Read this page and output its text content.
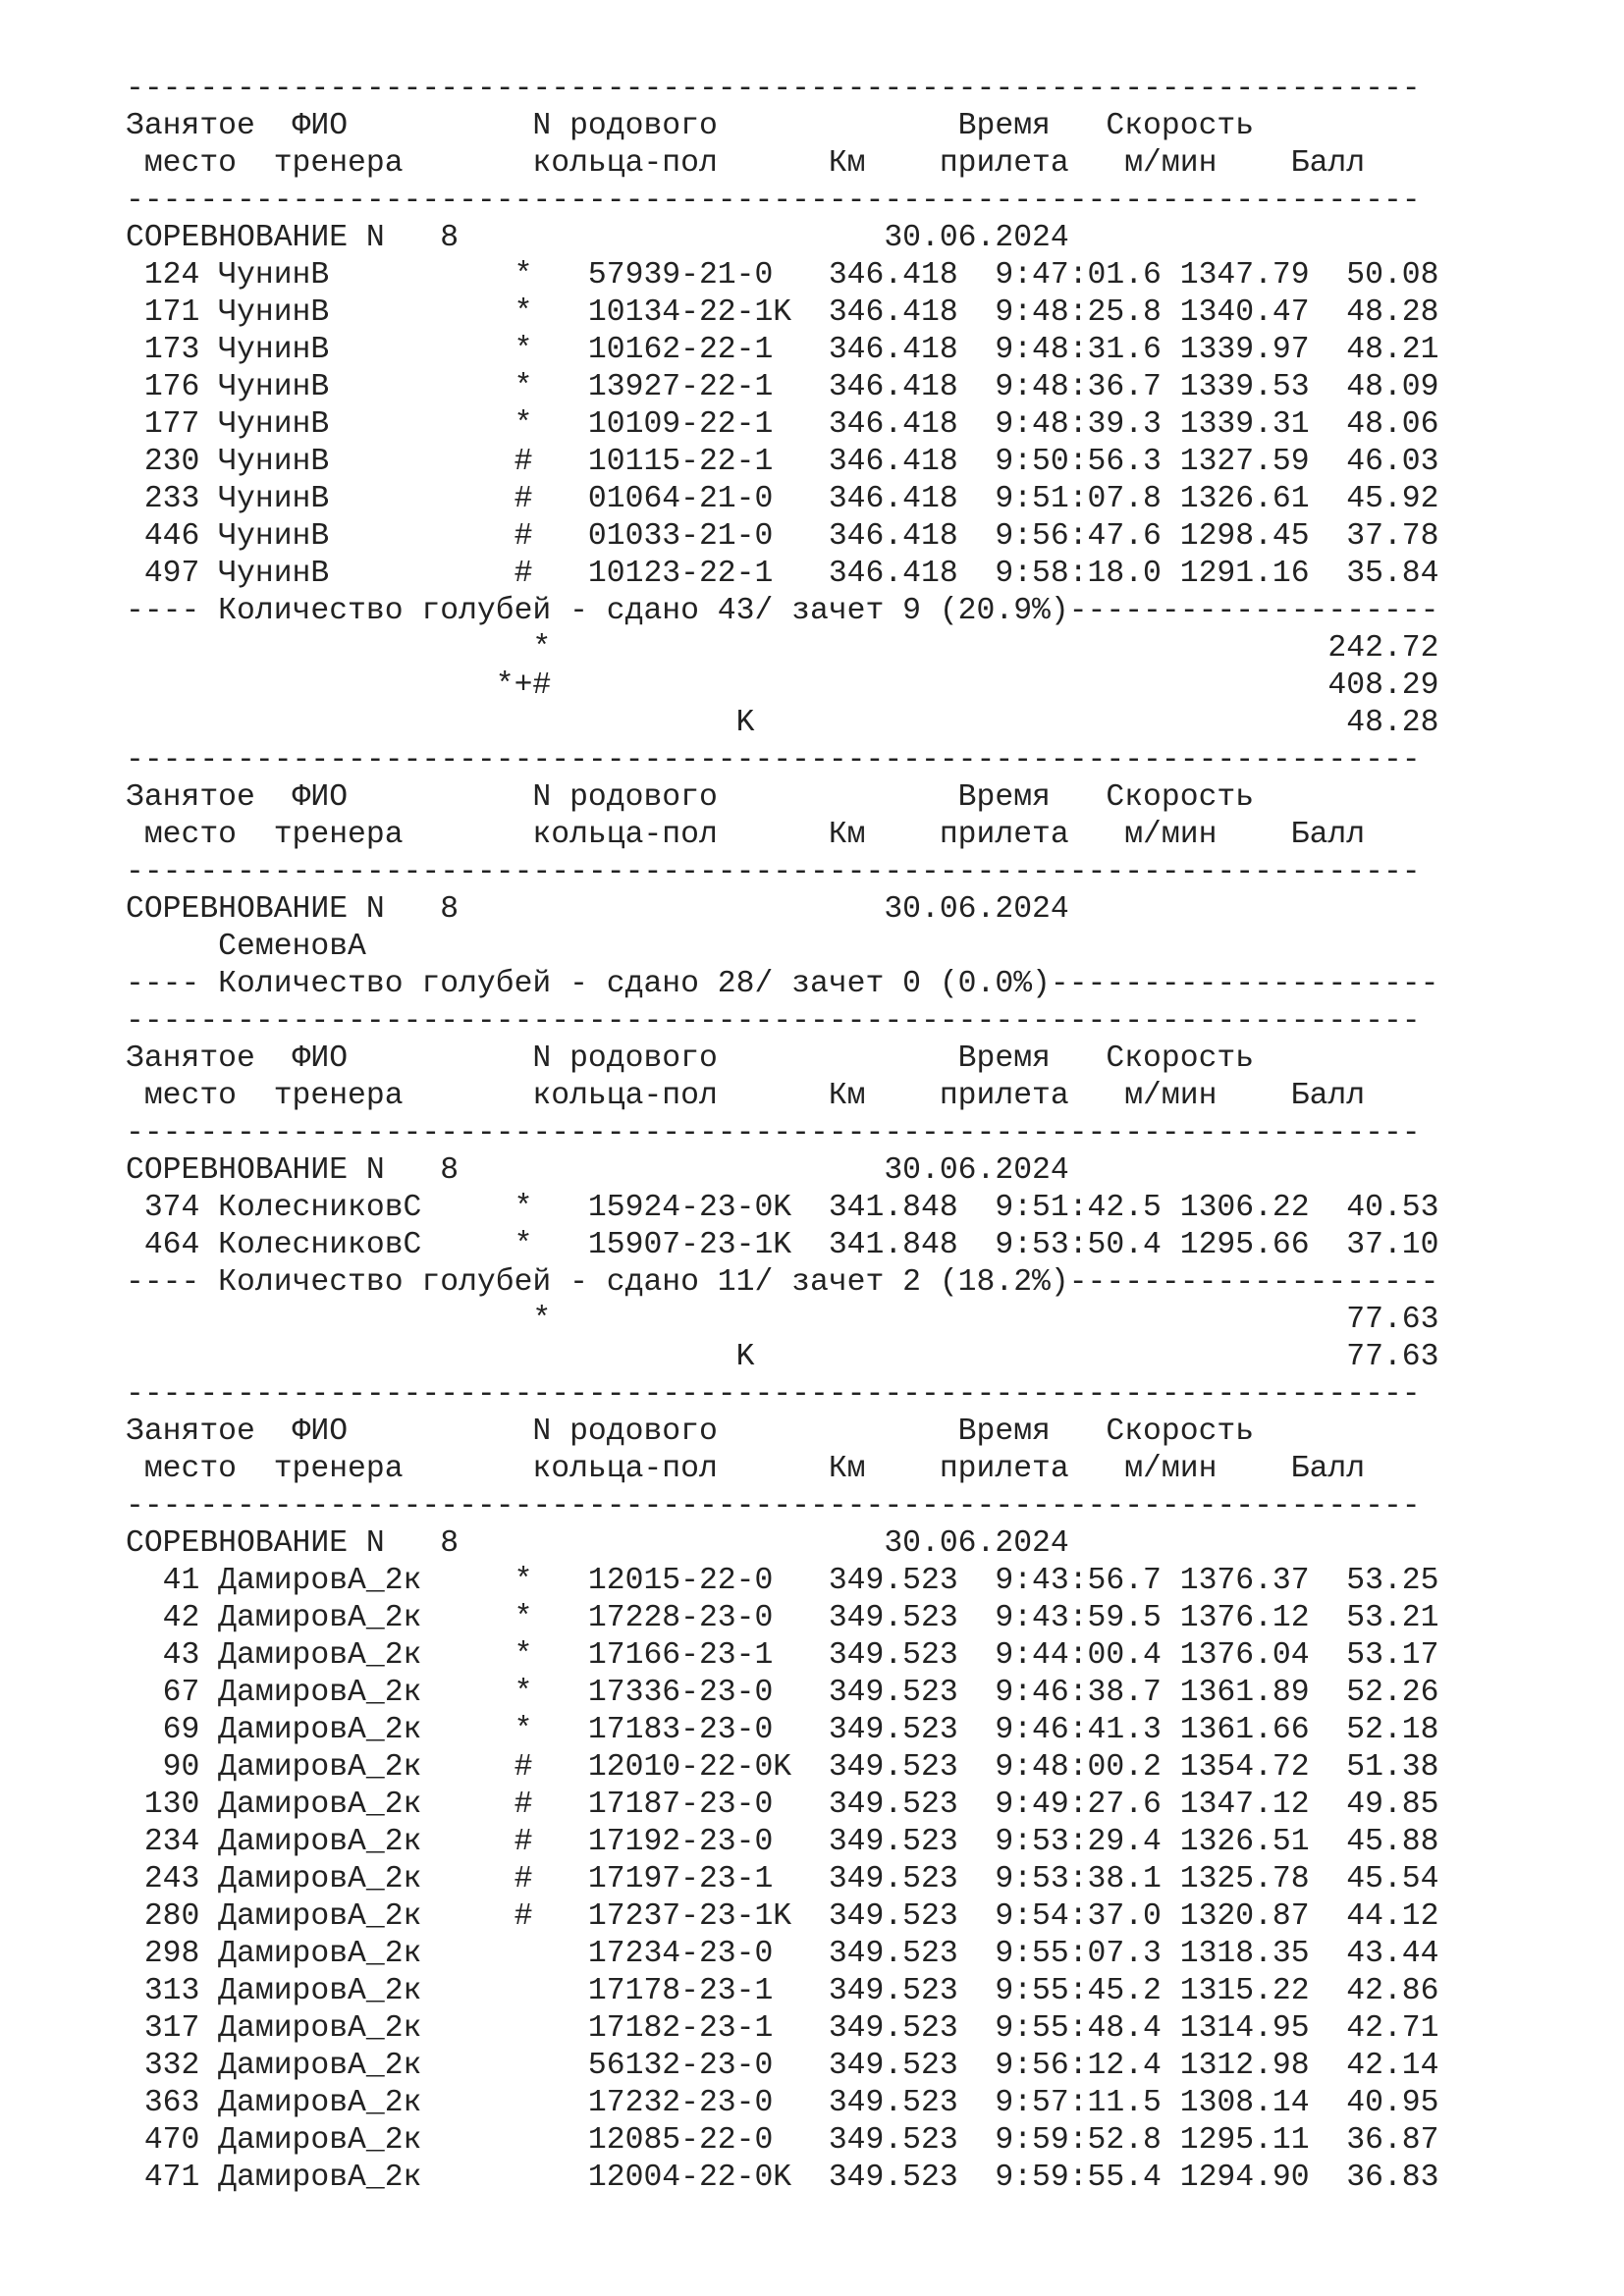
----------------------------------------------------------------------
Занятое  ФИО          N родового             Время   Скорость
место  тренера       кольца-пол      Км    прилета   м/мин    Балл
----------------------------------------------------------------------
СОРЕВНОВАНИЕ N   8                       30.06.2024
124 ЧунинВ          *   57939-21-0   346.418  9:47:01.6 1347.79  50.08
171 ЧунинВ          *   10134-22-1K  346.418  9:48:25.8 1340.47  48.28
173 ЧунинВ          *   10162-22-1   346.418  9:48:31.6 1339.97  48.21
176 ЧунинВ          *   13927-22-1   346.418  9:48:36.7 1339.53  48.09
177 ЧунинВ          *   10109-22-1   346.418  9:48:39.3 1339.31  48.06
230 ЧунинВ          #   10115-22-1   346.418  9:50:56.3 1327.59  46.03
233 ЧунинВ          #   01064-21-0   346.418  9:51:07.8 1326.61  45.92
446 ЧунинВ          #   01033-21-0   346.418  9:56:47.6 1298.45  37.78
497 ЧунинВ          #   10123-22-1   346.418  9:58:18.0 1291.16  35.84
---- Количество голубей - сдано 43/ зачет 9 (20.9%)--------------------
*                                          242.72
*+#                                          408.29
K                                48.28
----------------------------------------------------------------------
Занятое  ФИО          N родового             Время   Скорость
место  тренера       кольца-пол      Км    прилета   м/мин    Балл
----------------------------------------------------------------------
СОРЕВНОВАНИЕ N   8                       30.06.2024
СеменовА
---- Количество голубей - сдано 28/ зачет 0 (0.0%)---------------------
----------------------------------------------------------------------
Занятое  ФИО          N родового             Время   Скорость
место  тренера       кольца-пол      Км    прилета   м/мин    Балл
----------------------------------------------------------------------
СОРЕВНОВАНИЕ N   8                       30.06.2024
374 КолесниковС     *   15924-23-0K  341.848  9:51:42.5 1306.22  40.53
464 КолесниковС     *   15907-23-1K  341.848  9:53:50.4 1295.66  37.10
---- Количество голубей - сдано 11/ зачет 2 (18.2%)--------------------
*                                           77.63
K                                77.63
----------------------------------------------------------------------
Занятое  ФИО          N родового             Время   Скорость
место  тренера       кольца-пол      Км    прилета   м/мин    Балл
----------------------------------------------------------------------
СОРЕВНОВАНИЕ N   8                       30.06.2024
41 ДамировА_2к     *   12015-22-0   349.523  9:43:56.7 1376.37  53.25
42 ДамировА_2к     *   17228-23-0   349.523  9:43:59.5 1376.12  53.21
43 ДамировА_2к     *   17166-23-1   349.523  9:44:00.4 1376.04  53.17
67 ДамировА_2к     *   17336-23-0   349.523  9:46:38.7 1361.89  52.26
69 ДамировА_2к     *   17183-23-0   349.523  9:46:41.3 1361.66  52.18
90 ДамировА_2к     #   12010-22-0K  349.523  9:48:00.2 1354.72  51.38
130 ДамировА_2к     #   17187-23-0   349.523  9:49:27.6 1347.12  49.85
234 ДамировА_2к     #   17192-23-0   349.523  9:53:29.4 1326.51  45.88
243 ДамировА_2к     #   17197-23-1   349.523  9:53:38.1 1325.78  45.54
280 ДамировА_2к     #   17237-23-1K  349.523  9:54:37.0 1320.87  44.12
298 ДамировА_2к         17234-23-0   349.523  9:55:07.3 1318.35  43.44
313 ДамировА_2к         17178-23-1   349.523  9:55:45.2 1315.22  42.86
317 ДамировА_2к         17182-23-1   349.523  9:55:48.4 1314.95  42.71
332 ДамировА_2к         56132-23-0   349.523  9:56:12.4 1312.98  42.14
363 ДамировА_2к         17232-23-0   349.523  9:57:11.5 1308.14  40.95
470 ДамировА_2к         12085-22-0   349.523  9:59:52.8 1295.11  36.87
471 ДамировА_2к         12004-22-0K  349.523  9:59:55.4 1294.90  36.83
